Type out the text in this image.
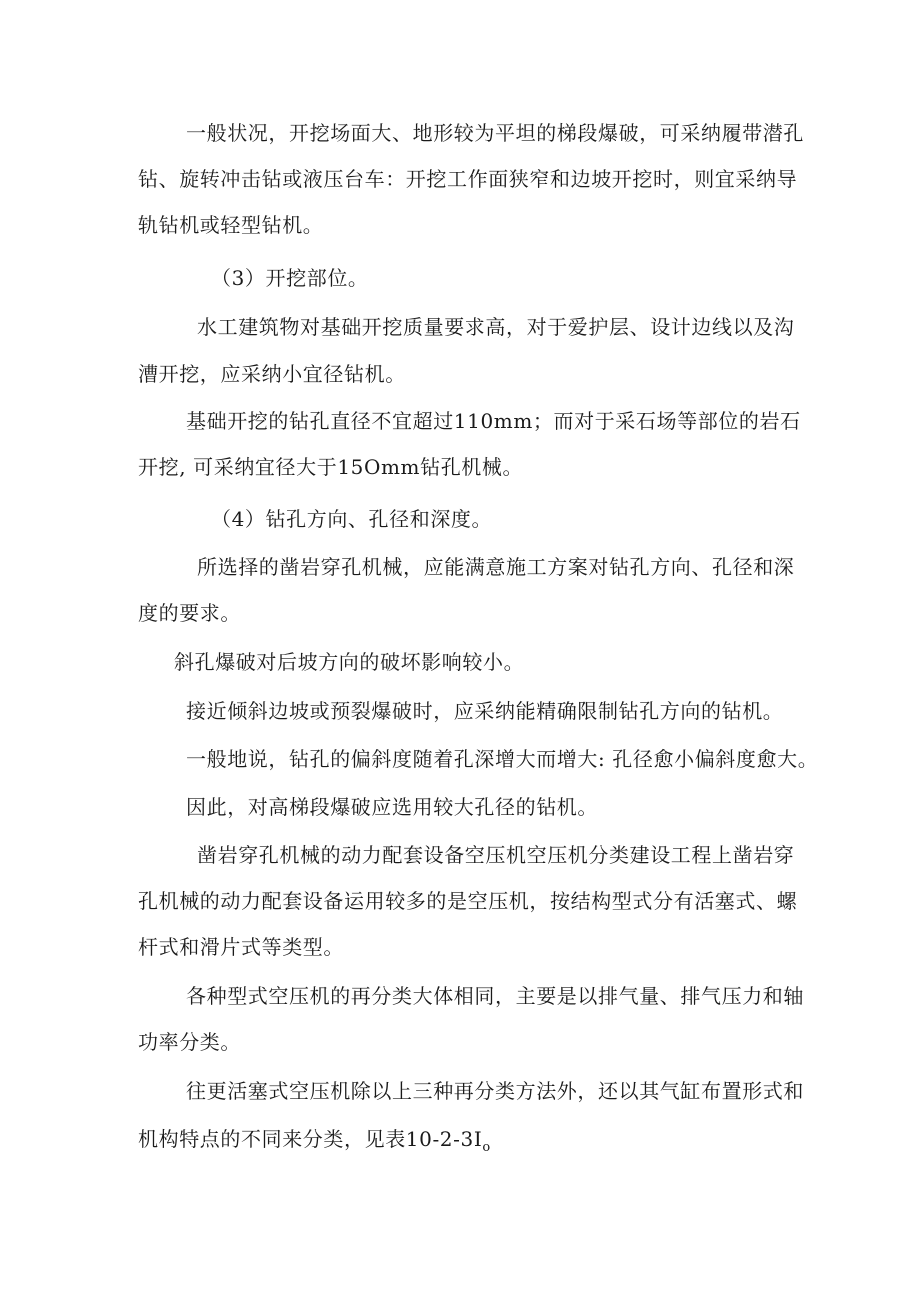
一般状况，开挖场面大、地形较为平坦的梯段爆破，可采纳履带潜孔
钻、旋转冲击钻或液压台车：开挖工作面狭窄和边坡开挖时，则宜采纳导
轨钻机或轻型钻机。
（3）开挖部位。
水工建筑物对基础开挖质量要求高，对于爱护层、设计边线以及沟
漕开挖，应采纳小宜径钻机。
基础开挖的钻孔直径不宜超过110mm；而对于采石场等部位的岩石
开挖, 可采纳宜径大于15Omm钻孔机械。
（4）钻孔方向、孔径和深度。
所选择的凿岩穿孔机械，应能满意施工方案对钻孔方向、孔径和深
度的要求。
斜孔爆破对后坡方向的破坏影响较小。
接近倾斜边坡或预裂爆破时，应采纳能精确限制钻孔方向的钻机。
一般地说，钻孔的偏斜度随着孔深增大而增大: 孔径愈小偏斜度愈大。
因此，对高梯段爆破应选用较大孔径的钻机。
凿岩穿孔机械的动力配套设备空压机空压机分类建设工程上凿岩穿
孔机械的动力配套设备运用较多的是空压机，按结构型式分有活塞式、螺
杆式和滑片式等类型。
各种型式空压机的再分类大体相同，主要是以排气量、排气压力和轴
功率分类。
往更活塞式空压机除以上三种再分类方法外，还以其气缸布置形式和
机构特点的不同来分类，见表$10-2-3I_o$
